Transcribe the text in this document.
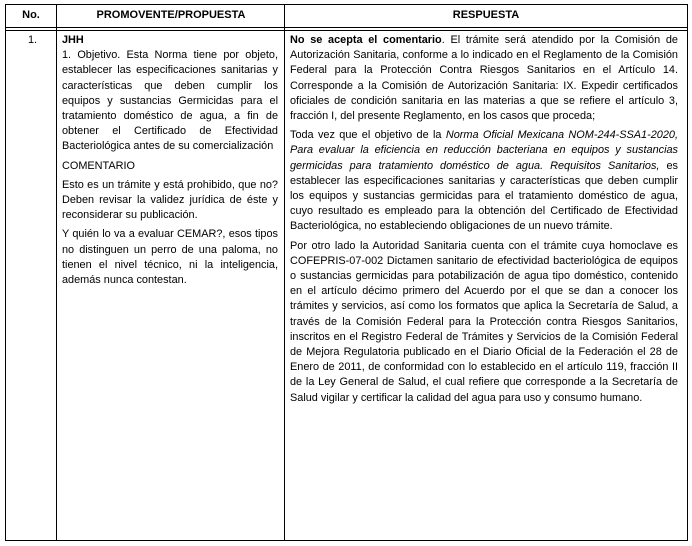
No.	PROMOVENTE/PROPUESTA	RESPUESTA
1. JHH

1. Objetivo. Esta Norma tiene por objeto, establecer las especificaciones sanitarias y características que deben cumplir los equipos y sustancias Germicidas para el tratamiento doméstico de agua, a fin de obtener el Certificado de Efectividad Bacteriológica antes de su comercialización

COMENTARIO

Esto es un trámite y está prohibido, que no? Deben revisar la validez jurídica de éste y reconsiderar su publicación.

Y quién lo va a evaluar CEMAR?, esos tipos no distinguen un perro de una paloma, no tienen el nivel técnico, ni la inteligencia, además nunca contestan.

No se acepta el comentario. El trámite será atendido por la Comisión de Autorización Sanitaria, conforme a lo indicado en el Reglamento de la Comisión Federal para la Protección Contra Riesgos Sanitarios en el Artículo 14. Corresponde a la Comisión de Autorización Sanitaria: IX. Expedir certificados oficiales de condición sanitaria en las materias a que se refiere el artículo 3, fracción I, del presente Reglamento, en los casos que proceda;

Toda vez que el objetivo de la Norma Oficial Mexicana NOM-244-SSA1-2020, Para evaluar la eficiencia en reducción bacteriana en equipos y sustancias germicidas para tratamiento doméstico de agua. Requisitos Sanitarios, es establecer las especificaciones sanitarias y características que deben cumplir los equipos y sustancias germicidas para el tratamiento doméstico de agua, cuyo resultado es empleado para la obtención del Certificado de Efectividad Bacteriológica, no estableciendo obligaciones de un nuevo trámite.

Por otro lado la Autoridad Sanitaria cuenta con el trámite cuya homoclave es COFEPRIS-07-002 Dictamen sanitario de efectividad bacteriológica de equipos o sustancias germicidas para potabilización de agua tipo doméstico, contenido en el artículo décimo primero del Acuerdo por el que se dan a conocer los trámites y servicios, así como los formatos que aplica la Secretaría de Salud, a través de la Comisión Federal para la Protección contra Riesgos Sanitarios, inscritos en el Registro Federal de Trámites y Servicios de la Comisión Federal de Mejora Regulatoria publicado en el Diario Oficial de la Federación el 28 de Enero de 2011, de conformidad con lo establecido en el artículo 119, fracción II de la Ley General de Salud, el cual refiere que corresponde a la Secretaría de Salud vigilar y certificar la calidad del agua para uso y consumo humano.
